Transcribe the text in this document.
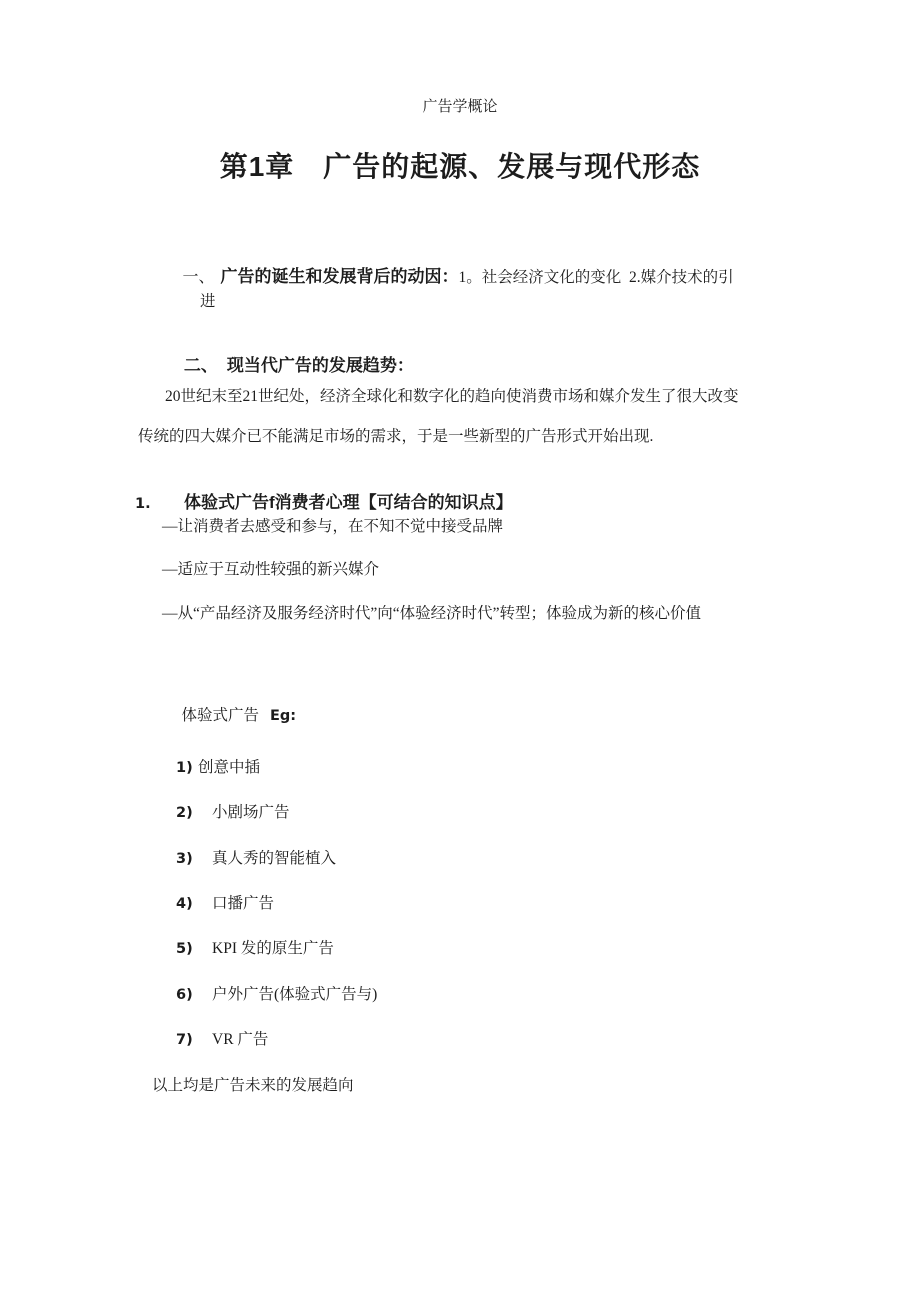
广告学概论
第1章　广告的起源、发展与现代形态

一、 广告的诞生和发展背后的动因：1。社会经济文化的变化  2.媒介技术的引

进

二、 现当代广告的发展趋势：

20世纪末至21世纪处，经济全球化和数字化的趋向使消费市场和媒介发生了很大改变
传统的四大媒介已不能满足市场的需求，于是一些新型的广告形式开始出现.

1. 体验式广告f消费者心理【可结合的知识点】

—让消费者去感受和参与，在不知不觉中接受品牌
—适应于互动性较强的新兴媒介
—从“产品经济及服务经济时代”向“体验经济时代”转型；体验成为新的核心价值

体验式广告 Eg:

1) 创意中插

2) 小剧场广告

3) 真人秀的智能植入

4) 口播广告

5) KPI 发的原生广告

6) 户外广告(体验式广告与)

7) VR 广告

以上均是广告未来的发展趋向
